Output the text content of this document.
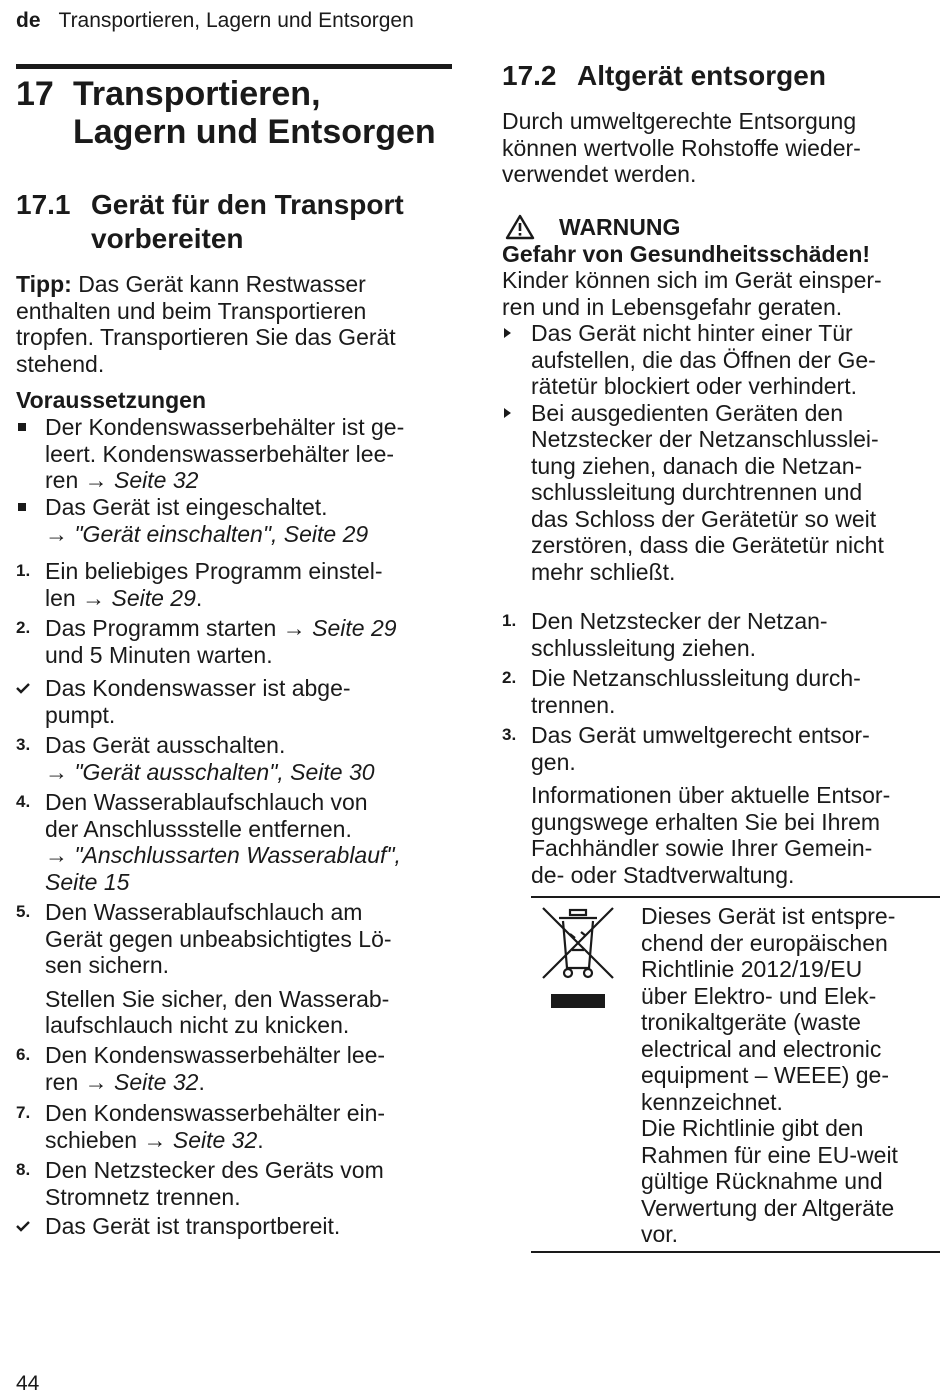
de Transportieren, Lagern und Entsorgen
17 Transportieren,
Lagern und Entsorgen
17.1 Gerät für den Transport
vorbereiten
Tipp: Das Gerät kann Restwasser
enthalten und beim Transportieren
tropfen. Transportieren Sie das Gerät
stehend.
Voraussetzungen
Der Kondenswasserbehälter ist ge-
leert. Kondenswasserbehälter lee-
ren → Seite 32
Das Gerät ist eingeschaltet.
→ "Gerät einschalten", Seite 29
1. Ein beliebiges Programm einstel-
len → Seite 29.
2. Das Programm starten → Seite 29
und 5 Minuten warten.
Das Kondenswasser ist abge-
pumpt.
3. Das Gerät ausschalten.
→ "Gerät ausschalten", Seite 30
4. Den Wasserablaufschlauch von
der Anschlussstelle entfernen.
→ "Anschlussarten Wasserablauf",
Seite 15
5. Den Wasserablaufschlauch am
Gerät gegen unbeabsichtigtes Lö-
sen sichern.
Stellen Sie sicher, den Wasserab-
laufschlauch nicht zu knicken.
6. Den Kondenswasserbehälter lee-
ren → Seite 32.
7. Den Kondenswasserbehälter ein-
schieben → Seite 32.
8. Den Netzstecker des Geräts vom
Stromnetz trennen.
Das Gerät ist transportbereit.
17.2 Altgerät entsorgen
Durch umweltgerechte Entsorgung
können wertvolle Rohstoffe wieder-
verwendet werden.
WARNUNG
Gefahr von Gesundheitsschäden!
Kinder können sich im Gerät einsper-
ren und in Lebensgefahr geraten.
Das Gerät nicht hinter einer Tür
aufstellen, die das Öffnen der Ge-
rätetür blockiert oder verhindert.
Bei ausgedienten Geräten den
Netzstecker der Netzanschlusslei-
tung ziehen, danach die Netzan-
schlussleitung durchtrennen und
das Schloss der Gerätetür so weit
zerstören, dass die Gerätetür nicht
mehr schließt.
1. Den Netzstecker der Netzan-
schlussleitung ziehen.
2. Die Netzanschlussleitung durch-
trennen.
3. Das Gerät umweltgerecht entsor-
gen.
Informationen über aktuelle Entsor-
gungswege erhalten Sie bei Ihrem
Fachhändler sowie Ihrer Gemein-
de- oder Stadtverwaltung.
Dieses Gerät ist entspre-
chend der europäischen
Richtlinie 2012/19/EU
über Elektro- und Elek-
tronikaltgeräte (waste
electrical and electronic
equipment – WEEE) ge-
kennzeichnet.
Die Richtlinie gibt den
Rahmen für eine EU-weit
gültige Rücknahme und
Verwertung der Altgeräte
vor.
44
